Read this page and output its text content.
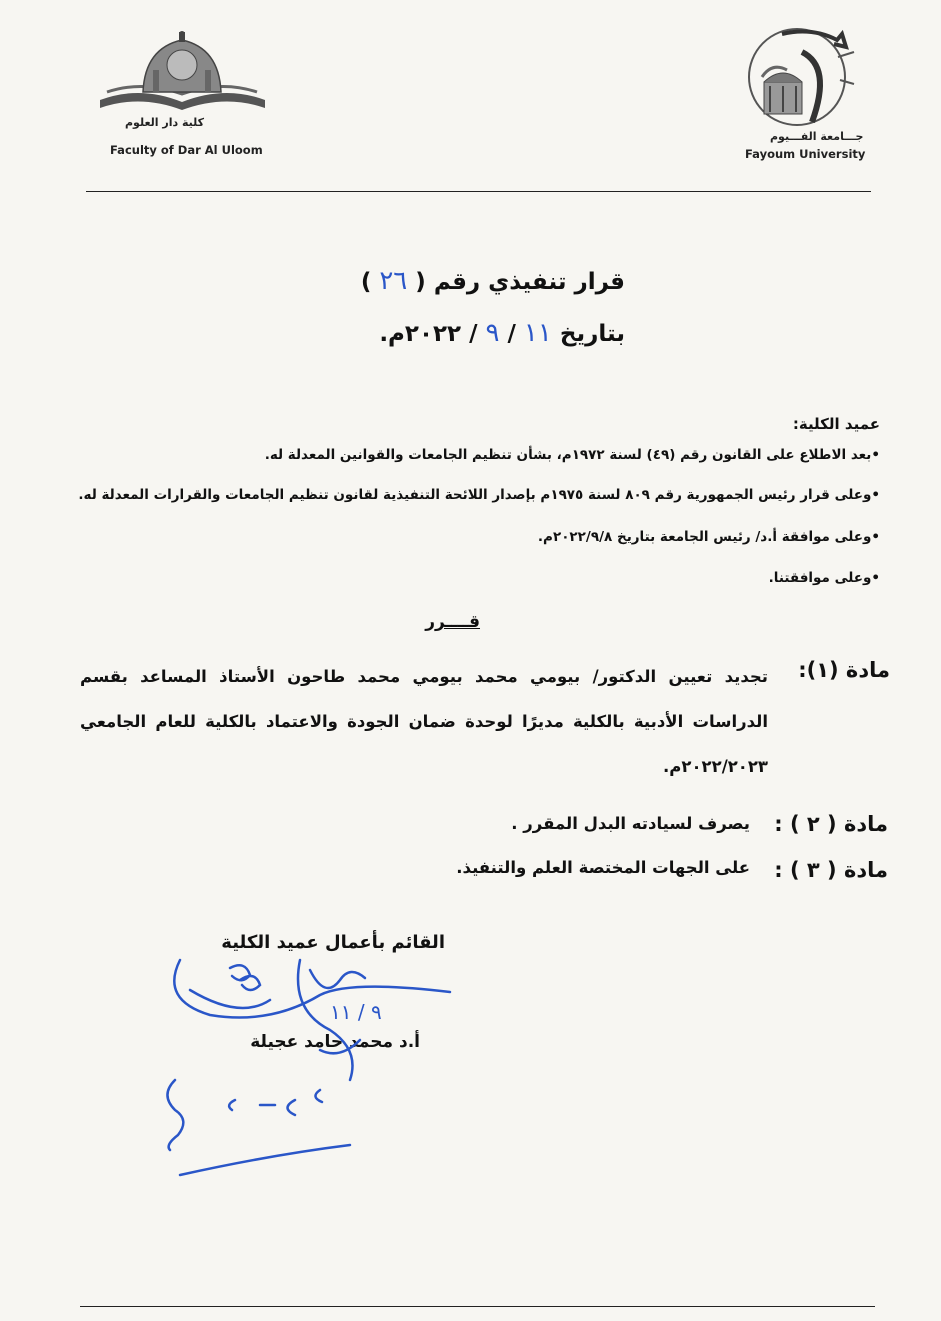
كلية دار العلوم
Faculty of Dar Al Uloom
جـــامعة الفـــيوم
Fayoum University
قرار تنفيذي رقم ( ٢٦ )
بتاريخ ١١ / ٩ / ٢٠٢٢م.
عميد الكلية:
•بعد الاطلاع على القانون رقم (٤٩) لسنة ١٩٧٢م، بشأن تنظيم الجامعات والقوانين المعدلة له.
•وعلى قرار رئيس الجمهورية رقم ٨٠٩ لسنة ١٩٧٥م بإصدار اللائحة التنفيذية لقانون تنظيم الجامعات والقرارات المعدلة له.
•وعلى موافقة أ.د/ رئيس الجامعة بتاريخ ٢٠٢٢/٩/٨م.
•وعلى موافقتنا.
قــــرر
مادة (١):
تجديد تعيين الدكتور/ بيومي محمد بيومي محمد طاحون الأستاذ المساعد بقسم الدراسات الأدبية بالكلية مديرًا لوحدة ضمان الجودة والاعتماد بالكلية للعام الجامعي ٢٠٢٢/٢٠٢٣م.
مادة ( ٢ ) :
يصرف لسيادته البدل المقرر .
مادة ( ٣ ) :
على الجهات المختصة العلم والتنفيذ.
القائم بأعمال عميد الكلية
أ.د محمد حامد عجيلة
٩ / ١١
